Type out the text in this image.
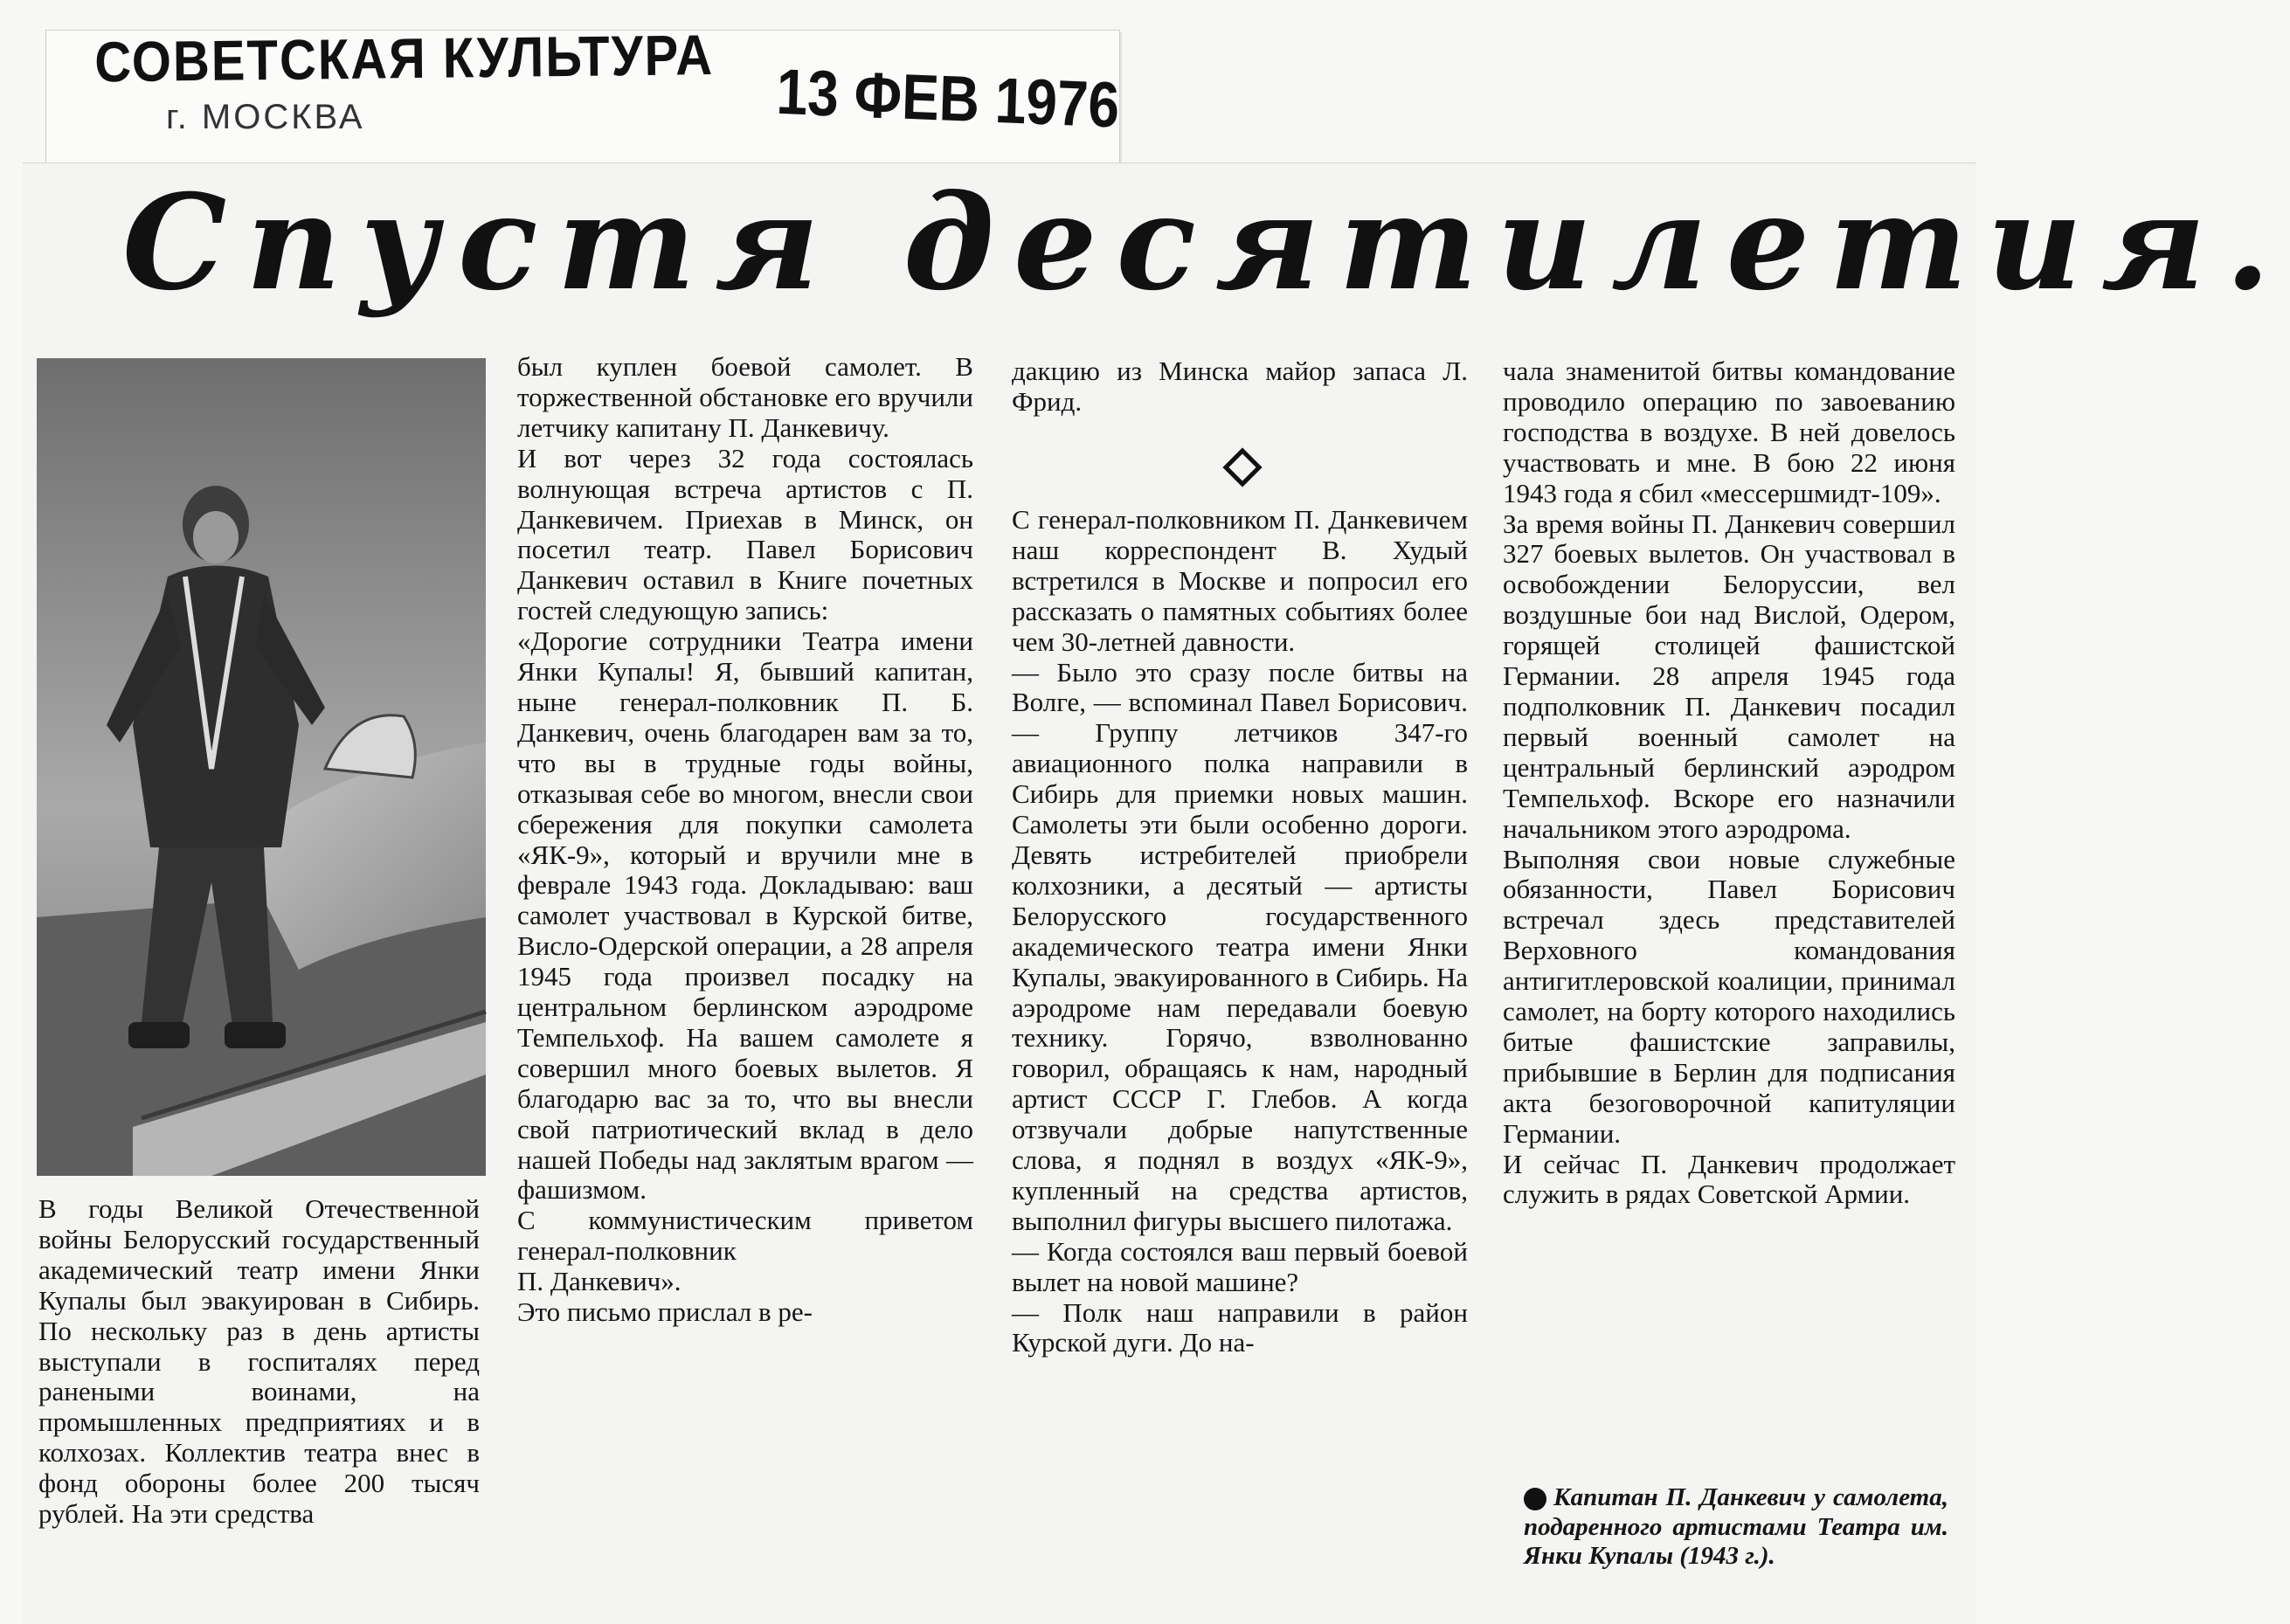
СОВЕТСКАЯ КУЛЬТУРА
г. МОСКВА	13 ФЕВ 1976
Спустя десятилетия.
В годы Великой Отечественной войны Белорусский государственный академический театр имени Янки Купалы был эвакуирован в Сибирь. По нескольку раз в день артисты выступали в госпиталях перед ранеными воинами, на промышленных предприятиях и в колхозах. Коллектив театра внес в фонд обороны более 200 тысяч рублей. На эти средства
был куплен боевой самолет. В торжественной обстановке его вручили летчику капитану П. Данкевичу.
И вот через 32 года состоялась волнующая встреча артистов с П. Данкевичем. Приехав в Минск, он посетил театр. Павел Борисович Данкевич оставил в Книге почетных гостей следующую запись:
«Дорогие сотрудники Театра имени Янки Купалы! Я, бывший капитан, ныне генерал-полковник П. Б. Данкевич, очень благодарен вам за то, что вы в трудные годы войны, отказывая себе во многом, внесли свои сбережения для покупки самолета «ЯК-9», который и вручили мне в феврале 1943 года. Докладываю: ваш самолет участвовал в Курской битве, Висло-Одерской операции, а 28 апреля 1945 года произвел посадку на центральном берлинском аэродроме Темпельхоф. На вашем самолете я совершил много боевых вылетов. Я благодарю вас за то, что вы внесли свой патриотический вклад в дело нашей Победы над заклятым врагом — фашизмом.
С коммунистическим приветом генерал-полковник
П. Данкевич».
Это письмо прислал в ре-
дакцию из Минска майор запаса Л. Фрид.
С генерал-полковником П. Данкевичем наш корреспондент В. Худый встретился в Москве и попросил его рассказать о памятных событиях более чем 30-летней давности.
— Было это сразу после битвы на Волге, — вспоминал Павел Борисович. — Группу летчиков 347-го авиационного полка направили в Сибирь для приемки новых машин. Самолеты эти были особенно дороги. Девять истребителей приобрели колхозники, а десятый — артисты Белорусского государственного академического театра имени Янки Купалы, эвакуированного в Сибирь. На аэродроме нам передавали боевую технику. Горячо, взволнованно говорил, обращаясь к нам, народный артист СССР Г. Глебов. А когда отзвучали добрые напутственные слова, я поднял в воздух «ЯК-9», купленный на средства артистов, выполнил фигуры высшего пилотажа.
— Когда состоялся ваш первый боевой вылет на новой машине?
— Полк наш направили в район Курской дуги. До на-
чала знаменитой битвы командование проводило операцию по завоеванию господства в воздухе. В ней довелось участвовать и мне. В бою 22 июня 1943 года я сбил «мессершмидт-109».
За время войны П. Данкевич совершил 327 боевых вылетов. Он участвовал в освобождении Белоруссии, вел воздушные бои над Вислой, Одером, горящей столицей фашистской Германии. 28 апреля 1945 года подполковник П. Данкевич посадил первый военный самолет на центральный берлинский аэродром Темпельхоф. Вскоре его назначили начальником этого аэродрома.
Выполняя свои новые служебные обязанности, Павел Борисович встречал здесь представителей Верховного командования антигитлеровской коалиции, принимал самолет, на борту которого находились битые фашистские заправилы, прибывшие в Берлин для подписания акта безоговорочной капитуляции Германии.
И сейчас П. Данкевич продолжает служить в рядах Советской Армии.
Капитан П. Данкевич у самолета, подаренного артистами Театра им. Янки Купалы (1943 г.).
